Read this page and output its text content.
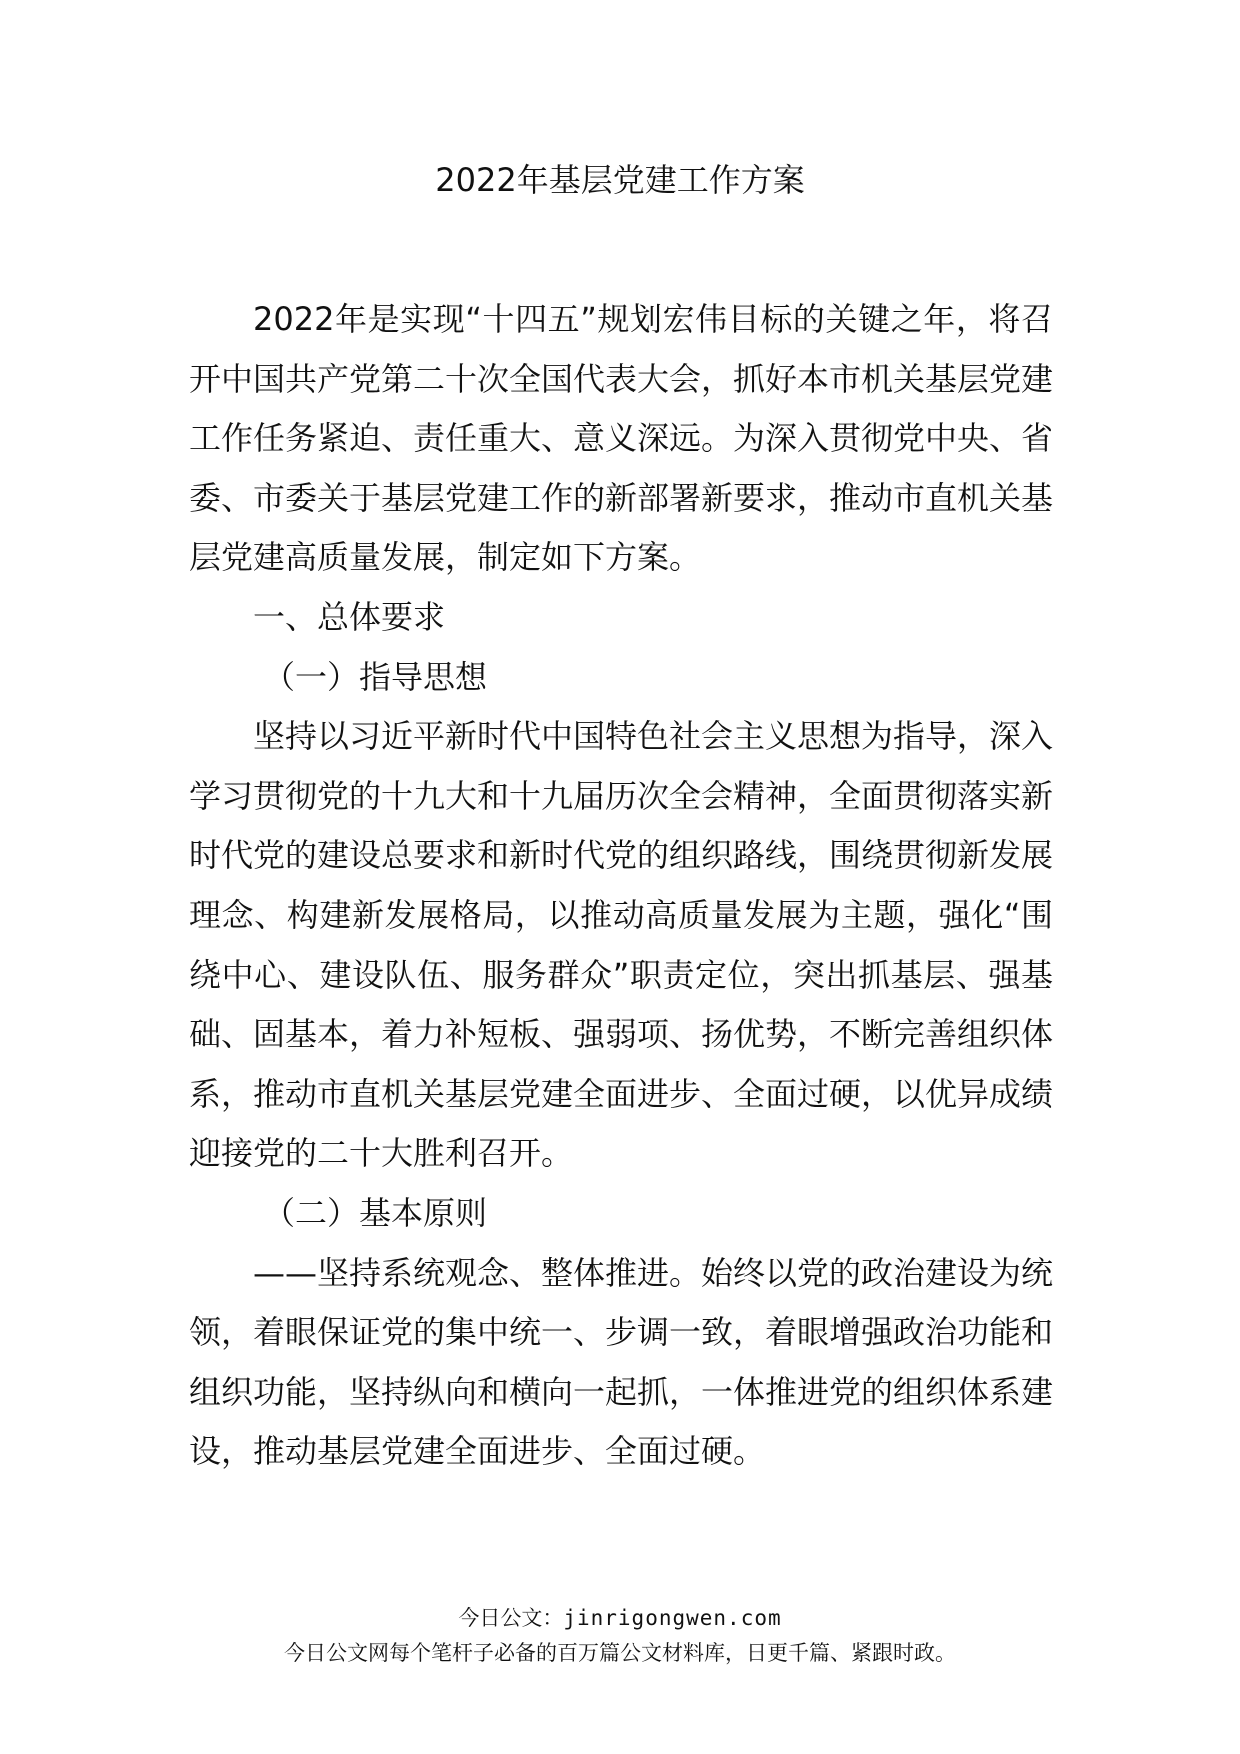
2022年基层党建工作方案

2022年是实现“十四五”规划宏伟目标的关键之年，将召开中国共产党第二十次全国代表大会，抓好本市机关基层党建工作任务紧迫、责任重大、意义深远。为深入贯彻党中央、省委、市委关于基层党建工作的新部署新要求，推动市直机关基层党建高质量发展，制定如下方案。

一、总体要求

（一）指导思想

坚持以习近平新时代中国特色社会主义思想为指导，深入学习贯彻党的十九大和十九届历次全会精神，全面贯彻落实新时代党的建设总要求和新时代党的组织路线，围绕贯彻新发展理念、构建新发展格局，以推动高质量发展为主题，强化“围绕中心、建设队伍、服务群众”职责定位，突出抓基层、强基础、固基本，着力补短板、强弱项、扬优势，不断完善组织体系，推动市直机关基层党建全面进步、全面过硬，以优异成绩迎接党的二十大胜利召开。

（二）基本原则

——坚持系统观念、整体推进。始终以党的政治建设为统领，着眼保证党的集中统一、步调一致，着眼增强政治功能和组织功能，坚持纵向和横向一起抓，一体推进党的组织体系建设，推动基层党建全面进步、全面过硬。

今日公文：jinrigongwen.com
今日公文网每个笔杆子必备的百万篇公文材料库，日更千篇、紧跟时政。
